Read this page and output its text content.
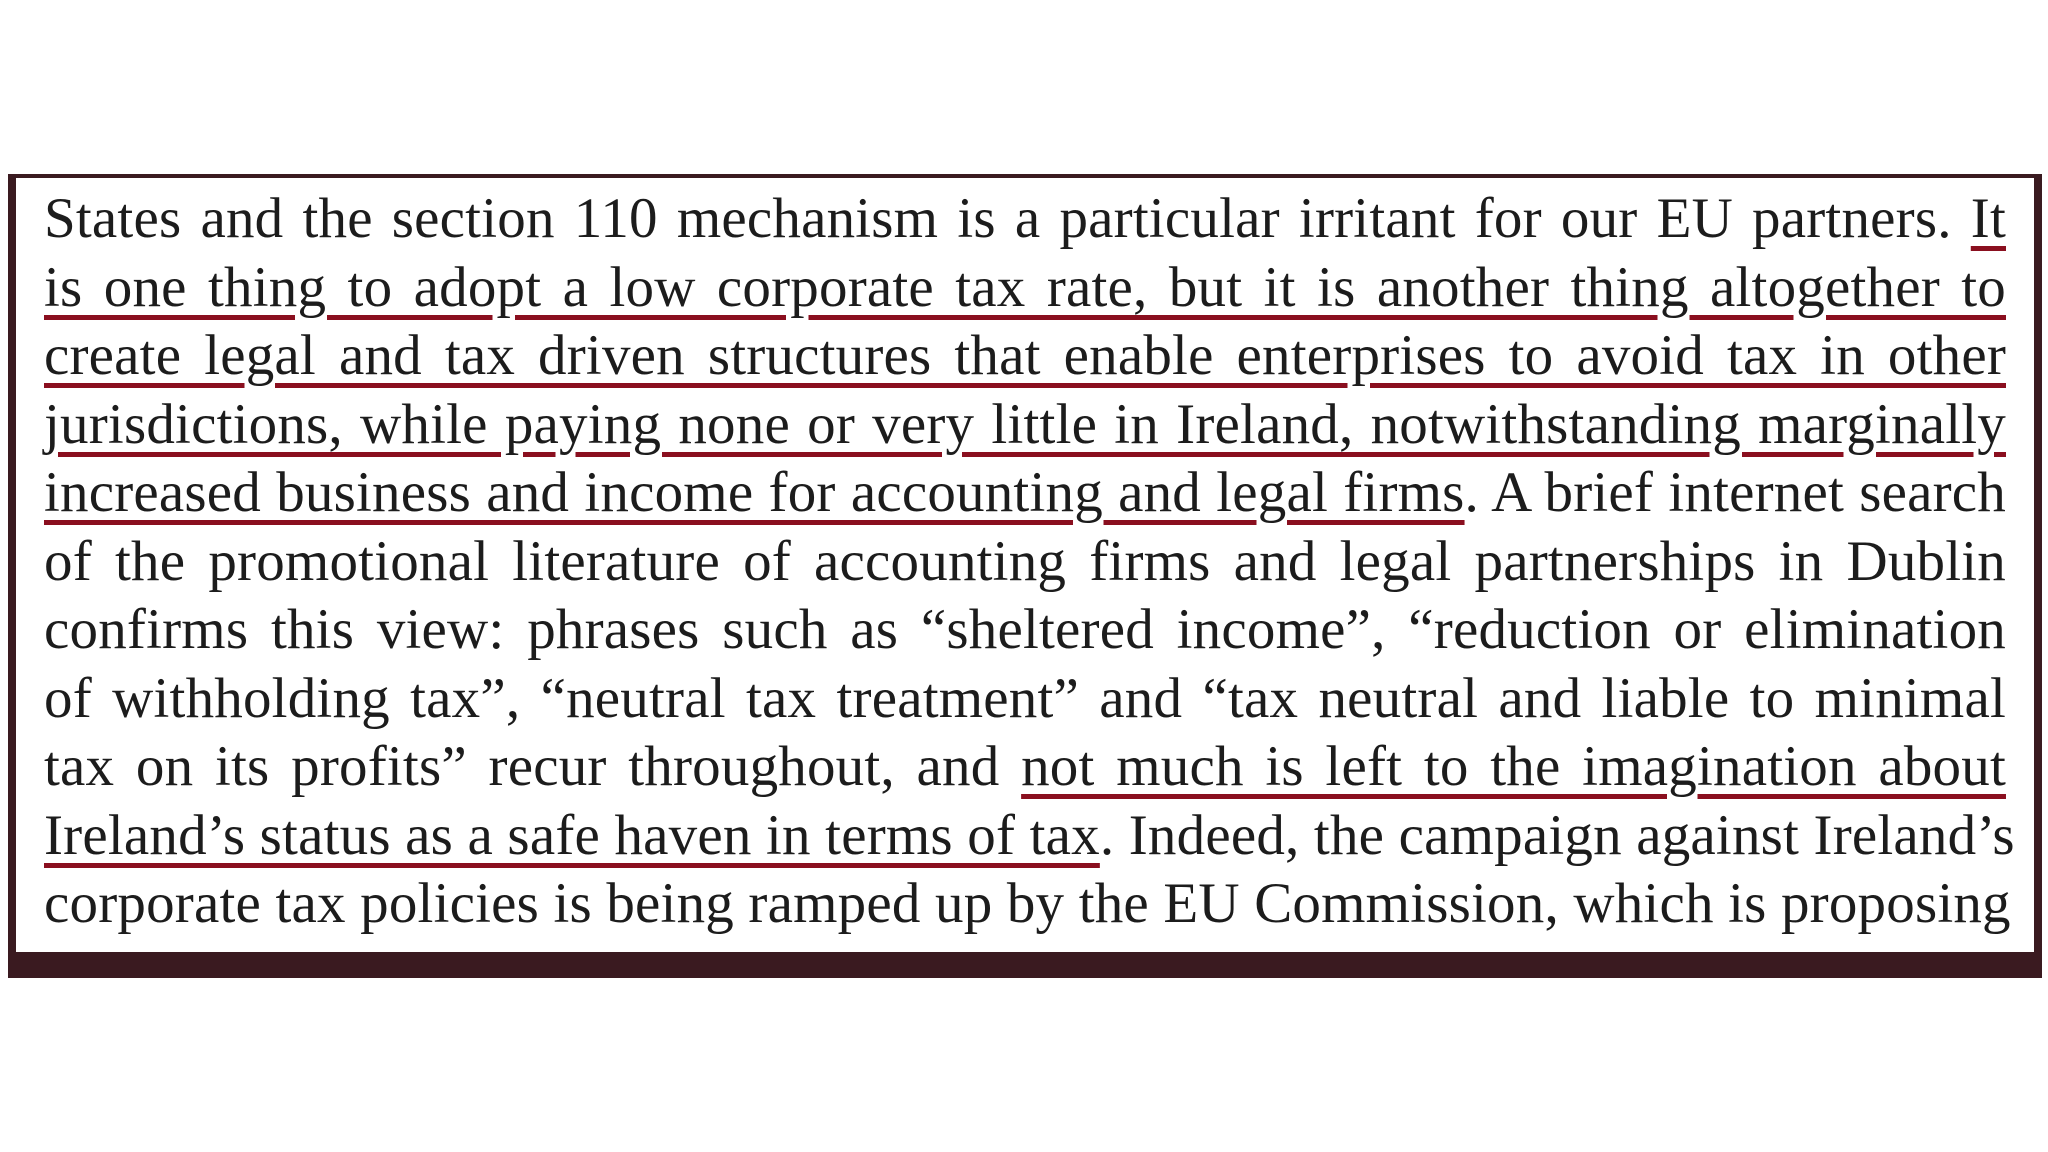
States and the section 110 mechanism is a particular irritant for our EU partners. It
is one thing to adopt a low corporate tax rate, but it is another thing altogether to
create legal and tax driven structures that enable enterprises to avoid tax in other
jurisdictions, while paying none or very little in Ireland, notwithstanding marginally
increased business and income for accounting and legal firms. A brief internet search
of the promotional literature of accounting firms and legal partnerships in Dublin
confirms this view: phrases such as “sheltered income”, “reduction or elimination
of withholding tax”, “neutral tax treatment” and “tax neutral and liable to minimal
tax on its profits” recur throughout, and not much is left to the imagination about
Ireland’s status as a safe haven in terms of tax. Indeed, the campaign against Ireland’s
corporate tax policies is being ramped up by the EU Commission, which is proposing
